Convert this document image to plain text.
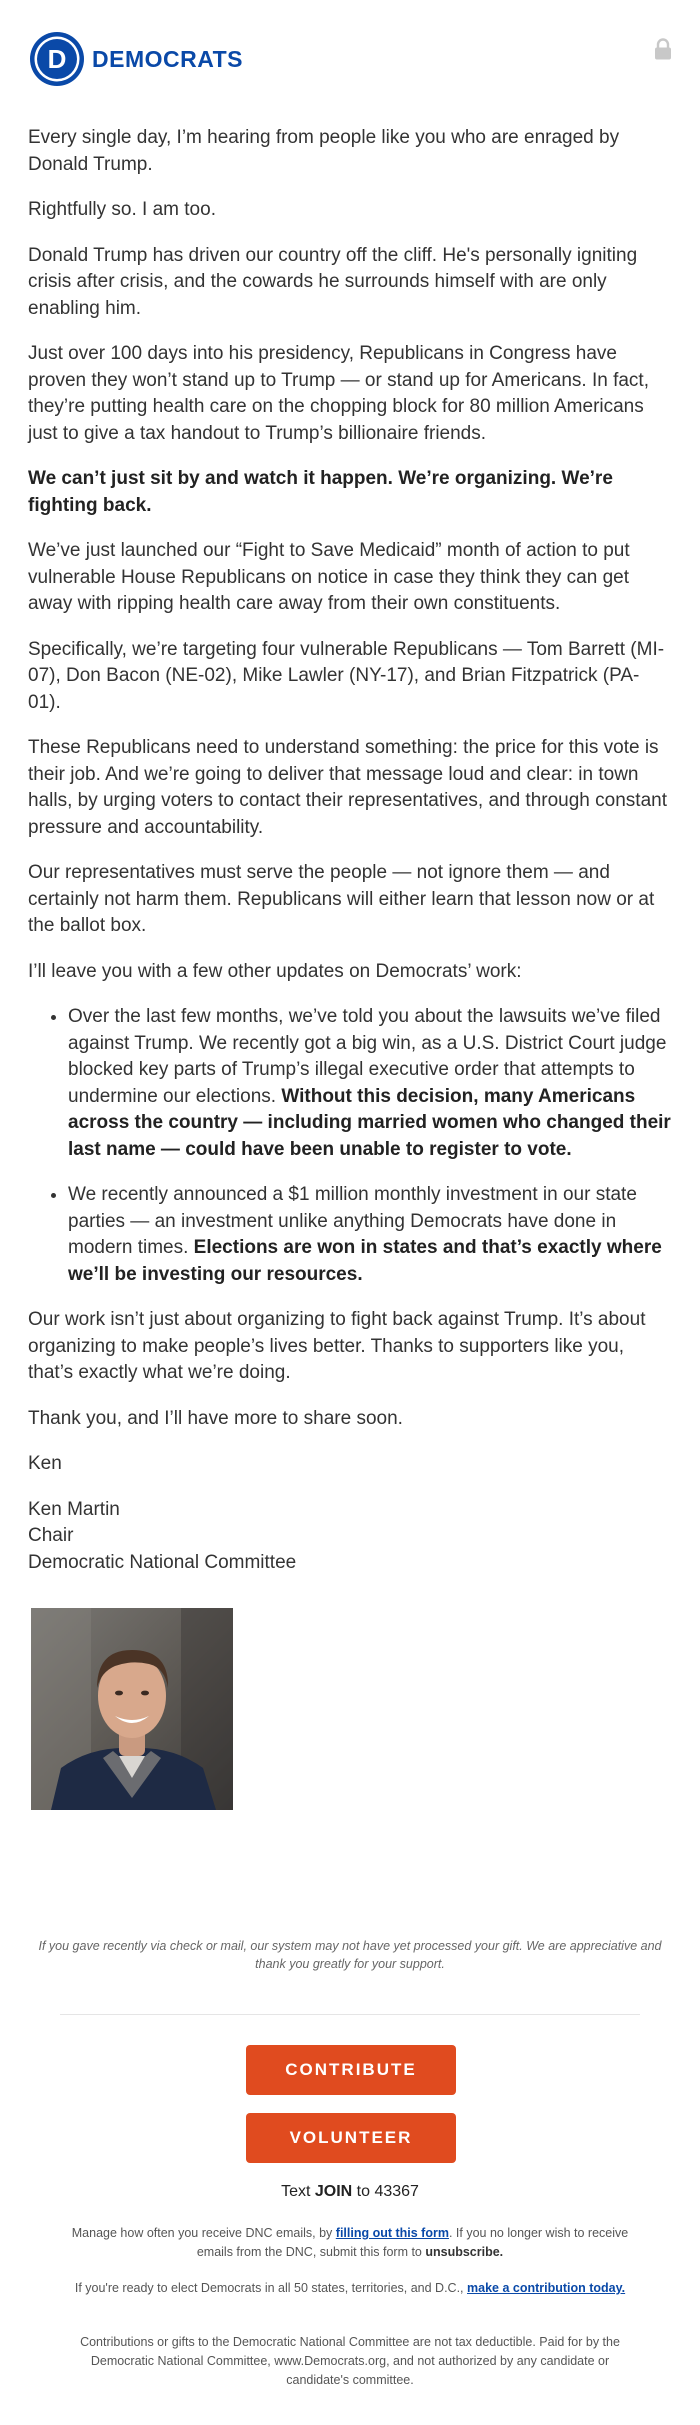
D DEMOCRATS

Every single day, I’m hearing from people like you who are enraged by Donald Trump.

Rightfully so. I am too.

Donald Trump has driven our country off the cliff. He's personally igniting crisis after crisis, and the cowards he surrounds himself with are only enabling him.

Just over 100 days into his presidency, Republicans in Congress have proven they won’t stand up to Trump — or stand up for Americans. In fact, they’re putting health care on the chopping block for 80 million Americans just to give a tax handout to Trump’s billionaire friends.

We can’t just sit by and watch it happen. We’re organizing. We’re fighting back.

We’ve just launched our “Fight to Save Medicaid” month of action to put vulnerable House Republicans on notice in case they think they can get away with ripping health care away from their own constituents.

Specifically, we’re targeting four vulnerable Republicans — Tom Barrett (MI-07), Don Bacon (NE-02), Mike Lawler (NY-17), and Brian Fitzpatrick (PA-01).

These Republicans need to understand something: the price for this vote is their job. And we’re going to deliver that message loud and clear: in town halls, by urging voters to contact their representatives, and through constant pressure and accountability.

Our representatives must serve the people — not ignore them — and certainly not harm them. Republicans will either learn that lesson now or at the ballot box.

I’ll leave you with a few other updates on Democrats’ work:

• Over the last few months, we’ve told you about the lawsuits we’ve filed against Trump. We recently got a big win, as a U.S. District Court judge blocked key parts of Trump’s illegal executive order that attempts to undermine our elections. Without this decision, many Americans across the country — including married women who changed their last name — could have been unable to register to vote.
• We recently announced a $1 million monthly investment in our state parties — an investment unlike anything Democrats have done in modern times. Elections are won in states and that’s exactly where we’ll be investing our resources.

Our work isn’t just about organizing to fight back against Trump. It’s about organizing to make people’s lives better. Thanks to supporters like you, that’s exactly what we’re doing.

Thank you, and I’ll have more to share soon.

Ken

Ken Martin

Chair

Democratic National Committee

If you gave recently via check or mail, our system may not have yet processed your gift. We are appreciative and thank you greatly for your support.

CONTRIBUTE
VOLUNTEER

Text JOIN to 43367

Manage how often you receive DNC emails, by filling out this form. If you no longer wish to receive emails from the DNC, submit this form to unsubscribe.

If you're ready to elect Democrats in all 50 states, territories, and D.C., make a contribution today.

Contributions or gifts to the Democratic National Committee are not tax deductible. Paid for by the Democratic National Committee, www.Democrats.org, and not authorized by any candidate or candidate's committee.
